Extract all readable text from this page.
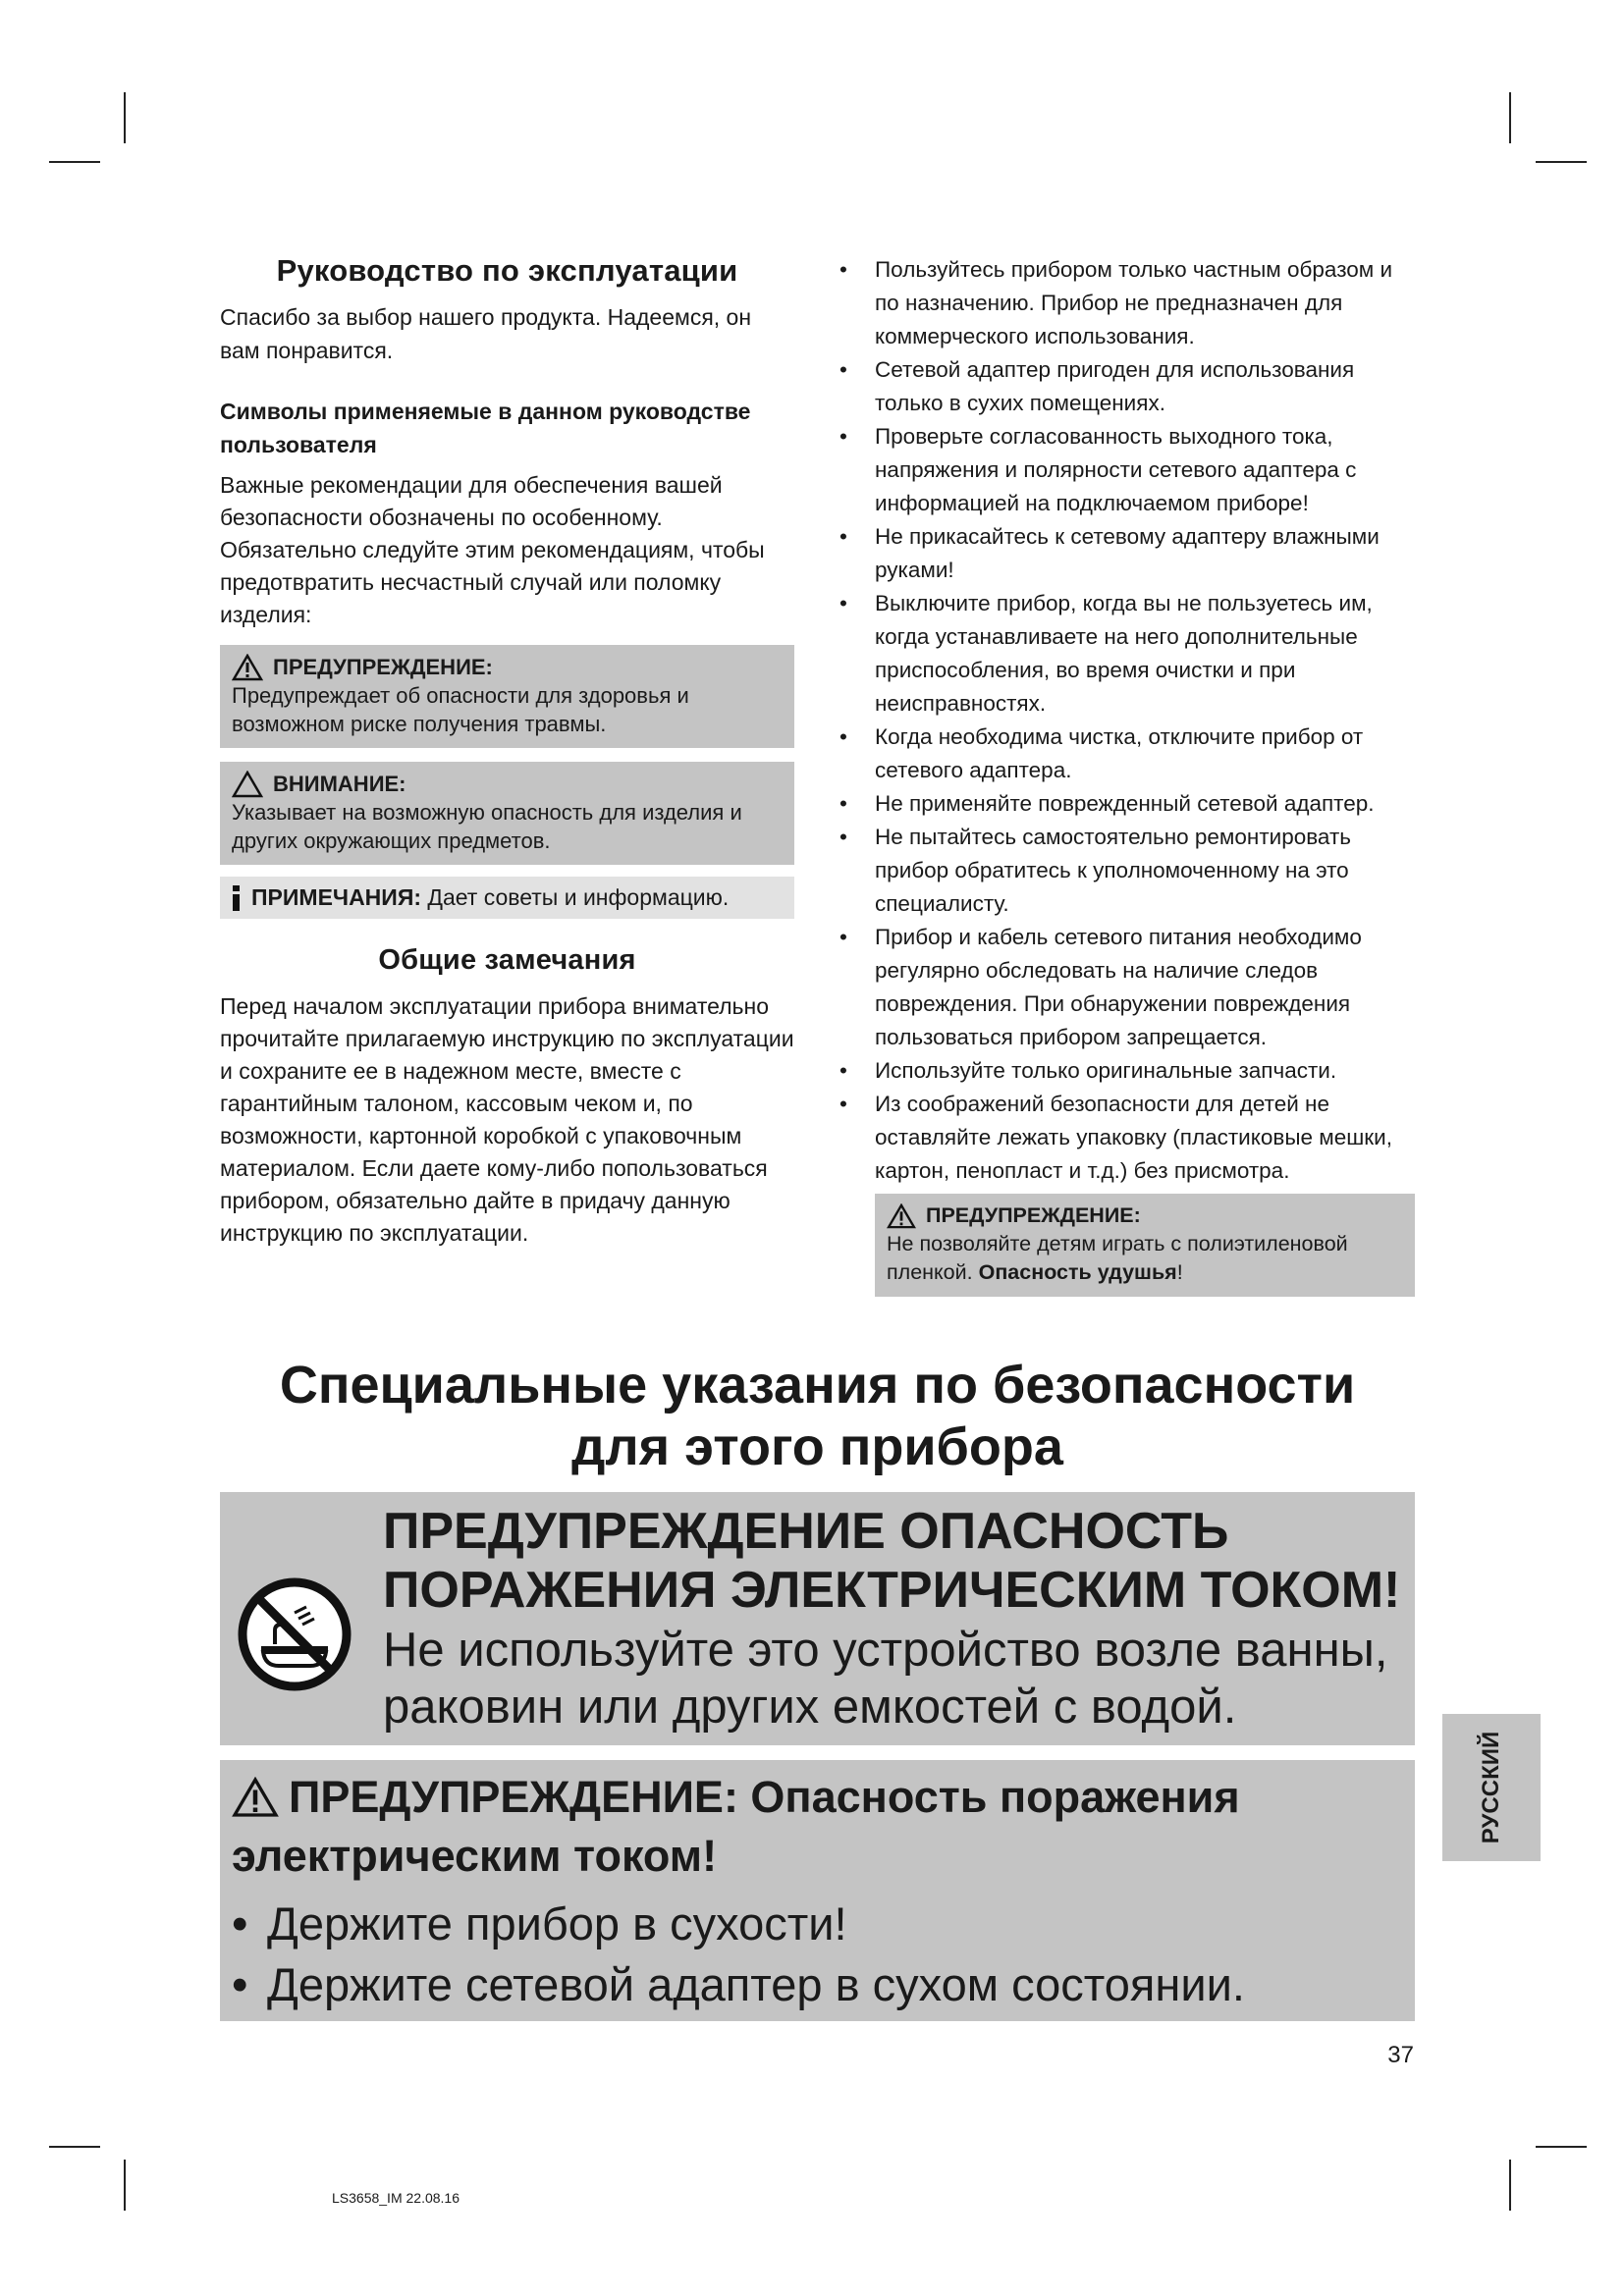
Руководство по эксплуатации

Спасибо за выбор нашего продукта. Надеемся, он вам понравится.

Символы применяемые в данном руководстве пользователя

Важные рекомендации для обеспечения вашей безопасности обозначены по особенному. Обязательно следуйте этим рекомендациям, чтобы предотвратить несчастный случай или поломку изделия:

ПРЕДУПРЕЖДЕНИЕ:
Предупреждает об опасности для здоровья и возможном риске получения травмы.
ВНИМАНИЕ:
Указывает на возможную опасность для изделия и других окружающих предметов.
ПРИМЕЧАНИЯ: Дает советы и информацию.
Общие замечания

Перед началом эксплуатации прибора внимательно прочитайте прилагаемую инструкцию по эксплуатации и сохраните ее в надежном месте, вместе с гарантийным талоном, кассовым чеком и, по возможности, картонной коробкой с упаковочным материалом. Если даете кому-либо попользоваться прибором, обязательно дайте в придачу данную инструкцию по эксплуатации.

• Пользуйтесь прибором только частным образом и по назначению. Прибор не предназначен для коммерческого использования.
• Сетевой адаптер пригоден для использования только в сухих помещениях.
• Проверьте согласованность выходного тока, напряжения и полярности сетевого адаптера с информацией на подключаемом приборе!
• Не прикасайтесь к сетевому адаптеру влажными руками!
• Выключите прибор, когда вы не пользуетесь им, когда устанавливаете на него дополнительные приспособления, во время очистки и при неисправностях.
• Когда необходима чистка, отключите прибор от сетевого адаптера.
• Не применяйте поврежденный сетевой адаптер.
• Не пытайтесь самостоятельно ремонтировать прибор обратитесь к уполномоченному на это специалисту.
• Прибор и кабель сетевого питания необходимо регулярно обследовать на наличие следов повреждения. При обнаружении повреждения пользоваться прибором запрещается.
• Используйте только оригинальные запчасти.
• Из соображений безопасности для детей не оставляйте лежать упаковку (пластиковые мешки, картон, пенопласт и т.д.) без присмотра.
ПРЕДУПРЕЖДЕНИЕ:
Не позволяйте детям играть с полиэтиленовой пленкой. Опасность удушья!
Специальные указания по безопасности
для этого прибора
ПРЕДУПРЕЖДЕНИЕ ОПАСНОСТЬ ПОРАЖЕНИЯ ЭЛЕКТРИЧЕСКИМ ТОКОМ!
Не используйте это устройство возле ванны, раковин или других емкостей с водой.
ПРЕДУПРЕЖДЕНИЕ: Опасность поражения электрическим током!
• Держите прибор в сухости!
• Держите сетевой адаптер в сухом состоянии.
РУССКИЙ
37
LS3658_IM 22.08.16
